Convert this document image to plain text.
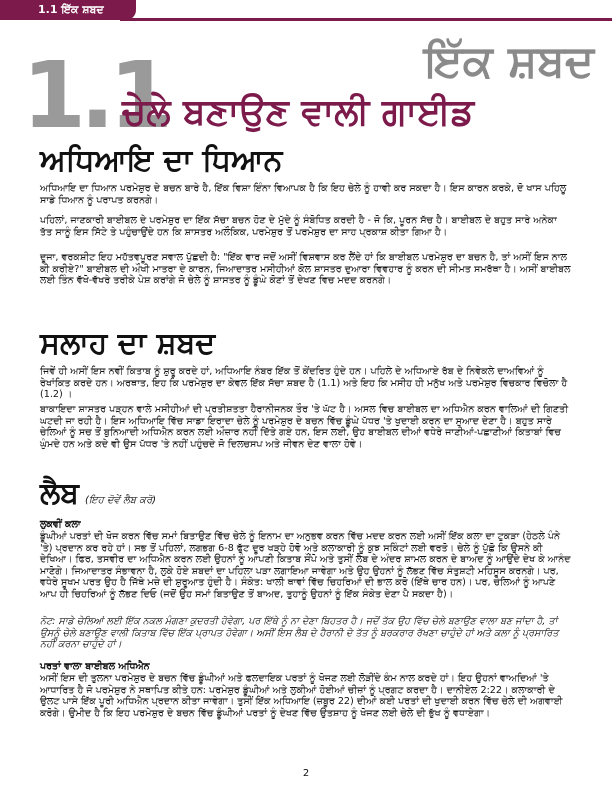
1.1 ਇੱਕ ਸ਼ਬਦ
1.1	ਇੱਕ ਸ਼ਬਦ
ਚੇਲੇ ਬਣਾਉਣ ਵਾਲੀ ਗਾਈਡ
ਅਧਿਆਇ ਦਾ ਧਿਆਨ

ਅਧਿਆਇ ਦਾ ਧਿਆਨ ਪਰਮੇਸ਼ੁਰ ਦੇ ਬਚਨ ਬਾਰੇ ਹੈ, ਇੱਕ ਵਿਸ਼ਾ ਇੰਨਾ ਵਿਆਪਕ ਹੈ ਕਿ ਇਹ ਚੇਲੇ ਨੂੰ ਹਾਵੀ ਕਰ ਸਕਦਾ ਹੈ। ਇਸ ਕਾਰਨ ਕਰਕੇ, ਦੋ ਖਾਸ ਪਹਿਲੂ ਸਾਡੇ ਧਿਆਨ ਨੂੰ ਪਰਾਪਤ ਕਰਨਗੇ।

ਪਹਿਲਾਂ, ਜਾਣਕਾਰੀ ਬਾਈਬਲ ਦੇ ਪਰਮੇਸ਼ੁਰ ਦਾ ਇੱਕ ਸੱਚਾ ਬਚਨ ਹੋਣ ਦੇ ਮੁੱਦੇ ਨੂੰ ਸੰਬੋਧਿਤ ਕਰਦੀ ਹੈ - ਜੋ ਕਿ, ਪੂਰਨ ਸੱਚ ਹੈ। ਬਾਈਬਲ ਦੇ ਬਹੁਤ ਸਾਰੇ ਅਨੇਕਾ ਤੱਤ ਸਾਨੂੰ ਇਸ ਸਿੱਟੇ ਤੇ ਪਹੁੰਚਾਉਂਦੇ ਹਨ ਕਿ ਸ਼ਾਸਤਰ ਅਲੌਕਿਕ, ਪਰਮੇਸ਼ੁਰ ਤੋਂ ਪਰਮੇਸ਼ੁਰ ਦਾ ਸਾਹ ਪ੍ਰਕਾਸ਼ ਕੀਤਾ ਗਿਆ ਹੈ।

ਦੂਜਾ, ਵਰਕਸ਼ੀਟ ਇਹ ਮਹੱਤਵਪੂਰਣ ਸਵਾਲ ਪੁੱਛਦੀ ਹੈ: "ਇੱਕ ਵਾਰ ਜਦੋਂ ਅਸੀਂ ਵਿਸ਼ਵਾਸ ਕਰ ਲੈਂਦੇ ਹਾਂ ਕਿ ਬਾਈਬਲ ਪਰਮੇਸ਼ੁਰ ਦਾ ਬਚਨ ਹੈ, ਤਾਂ ਅਸੀਂ ਇਸ ਨਾਲ ਕੀ ਕਰੀਏ?" ਬਾਈਬਲ ਦੀ ਔਖੀ ਮਾਤਰਾ ਦੇ ਕਾਰਨ, ਜਿਆਦਾਤਰ ਮਸੀਹੀਆਂ ਕੋਲ ਸ਼ਾਸਤਰ ਦੁਆਰਾ ਵਿਵਹਾਰ ਨੂੰ ਕਰਨ ਦੀ ਸੀਮਤ ਸਮਰੱਥਾ ਹੈ। ਅਸੀਂ ਬਾਈਬਲ ਲਈ ਤਿੰਨ ਵੱਖੋ-ਵੱਖਰੇ ਤਰੀਕੇ ਪੇਸ਼ ਕਰਾਂਗੇ ਜੋ ਚੇਲੇ ਨੂੰ ਸ਼ਾਸਤਰ ਨੂੰ ਡੂੰਘੇ ਕੋਣਾਂ ਤੋਂ ਦੇਖਣ ਵਿਚ ਮਦਦ ਕਰਨਗੇ।

ਸਲਾਹ ਦਾ ਸ਼ਬਦ

ਜਿਵੇਂ ਹੀ ਅਸੀਂ ਇਸ ਨਵੀਂ ਕਿਤਾਬ ਨੂੰ ਸ਼ੁਰੂ ਕਰਦੇ ਹਾਂ, ਅਧਿਆਇ ਨੰਬਰ ਇੱਕ ਤੋਂ ਕੇਂਦਰਿਤ ਹੁੰਦੇ ਹਨ। ਪਹਿਲੇ ਦੇ ਅਧਿਆਏ ਰੱਬ ਦੇ ਨਿਵੇਕਲੇ ਦਾਅਵਿਆਂ ਨੂੰ ਰੇਖਾਂਕਿਤ ਕਰਦੇ ਹਨ। ਅਰਥਾਤ, ਇਹ ਕਿ ਪਰਮੇਸ਼ੁਰ ਦਾ ਕੇਵਲ ਇੱਕ ਸੱਚਾ ਸ਼ਬਦ ਹੈ (1.1) ਅਤੇ ਇਹ ਕਿ ਮਸੀਹ ਹੀ ਮਨੁੱਖ ਅਤੇ ਪਰਮੇਸ਼ੁਰ ਵਿਚਕਾਰ ਵਿਚੋਲਾ ਹੈ (1.2) ।

ਬਾਕਾਇਦਾ ਸ਼ਾਸਤਰ ਪੜ੍ਹਨ ਵਾਲੇ ਮਸੀਹੀਆਂ ਦੀ ਪ੍ਰਤੀਸ਼ਤਤਾ ਹੈਰਾਨੀਜਨਕ ਤੌਰ 'ਤੇ ਘੱਟ ਹੈ। ਅਸਲ ਵਿਚ ਬਾਈਬਲ ਦਾ ਅਧਿਐਨ ਕਰਨ ਵਾਲਿਆਂ ਦੀ ਗਿਣਤੀ ਘਟਦੀ ਜਾ ਰਹੀ ਹੈ। ਇਸ ਅਧਿਆਇ ਵਿੱਚ ਸਾਡਾ ਇਰਾਦਾ ਚੇਲੇ ਨੂੰ ਪਰਮੇਸ਼ੁਰ ਦੇ ਬਚਨ ਵਿੱਚ ਡੂੰਘੇ ਪੱਧਰ 'ਤੇ ਖੁਦਾਈ ਕਰਨ ਦਾ ਸੁਆਦ ਦੇਣਾ ਹੈ। ਬਹੁਤ ਸਾਰੇ ਚੇਲਿਆਂ ਨੂੰ ਸਚ ਤੋਂ ਬੁਨਿਆਦੀ ਅਧਿਐਨ ਕਰਨ ਲਈ ਔਜ਼ਾਰ ਨਹੀਂ ਦਿੱਤੇ ਗਏ ਹਨ, ਇਸ ਲਈ, ਉਹ ਬਾਈਬਲ ਦੀਆਂ ਵਧੇਰੇ ਜਾਣੀਆਂ-ਪਛਾਣੀਆਂ ਕਿਤਾਬਾਂ ਵਿਚ ਘੁੰਮਦੇ ਹਨ ਅਤੇ ਕਦੇ ਵੀ ਉਸ ਪੱਧਰ 'ਤੇ ਨਹੀਂ ਪਹੁੰਚਦੇ ਜੋ ਦਿਲਚਸਪ ਅਤੇ ਜੀਵਨ ਦੇਣ ਵਾਲਾ ਹੋਵੇ।

ਲੈਬ (ਇਹ ਦੋਵੇਂ ਲੈਬ ਕਰੋ)
ਲੁਕਵੀਂ ਕਲਾ

ਡੂੰਘੀਆਂ ਪਰਤਾਂ ਦੀ ਖੋਜ ਕਰਨ ਵਿੱਚ ਸਮਾਂ ਬਿਤਾਉਣ ਵਿੱਚ ਚੇਲੇ ਨੂੰ ਇਨਾਮ ਦਾ ਅਨੁਭਵ ਕਰਨ ਵਿੱਚ ਮਦਦ ਕਰਨ ਲਈ ਅਸੀਂ ਇੱਕ ਕਲਾ ਦਾ ਟੁਕੜਾ (ਹੇਠਲੇ ਪੰਨੇ 'ਤੇ) ਪ੍ਰਦਾਨ ਕਰ ਰਹੇ ਹਾਂ। ਸਭ ਤੋਂ ਪਹਿਲਾਂ, ਲਗਭਗ 6-8 ਫੁੱਟ ਦੂਰ ਖੜ੍ਹੇ ਹੋਵੋ ਅਤੇ ਕਲਾਕਾਰੀ ਨੂੰ ਕੁਝ ਸਕਿੰਟਾਂ ਲਈ ਵਰਤੋ। ਚੇਲੇ ਨੂੰ ਪੁੱਛੋ ਕਿ ਉਸਨੇ ਕੀ ਦੇਖਿਆ। ਫਿਰ, ਤਸਵੀਰ ਦਾ ਅਧਿਐਨ ਕਰਨ ਲਈ ਉਹਨਾਂ ਨੂੰ ਆਪਣੀ ਕਿਤਾਬ ਸੌਂਪੋ ਅਤੇ ਤੁਸੀਂ ਲੈਬ ਦੇ ਅੰਦਰ ਸ਼ਾਮਲ ਕਰਨ ਦੇ ਬਾਅਦ ਨੂੰ ਆਉਂਦੇ ਦੇਖ ਕੇ ਆਨੰਦ ਮਾਣੋਗੇ। ਜਿਆਦਾਤਰ ਸੰਭਾਵਨਾ ਹੈ, ਲੁਕੇ ਹੋਏ ਸ਼ਬਦਾਂ ਦਾ ਪਹਿਲਾ ਪੜਾ ਲਗਾਇਆ ਜਾਵੇਗਾ ਅਤੇ ਉਹ ਉਹਨਾਂ ਨੂੰ ਲੱਭਣ ਵਿੱਚ ਸੰਤੁਸ਼ਟੀ ਮਹਿਸੂਸ ਕਰਨਗੇ। ਪਰ, ਵਧੇਰੇ ਸੂਖਮ ਪਰਤ ਉਹ ਹੈ ਜਿੱਥੇ ਮਜ਼ੇ ਦੀ ਸ਼ੁਰੂਆਤ ਹੁੰਦੀ ਹੈ। ਸੰਕੇਤ: ਖਾਲੀ ਥਾਵਾਂ ਵਿੱਚ ਚਿਹਰਿਆਂ ਦੀ ਭਾਲ ਕਰੋ (ਇੱਥੇ ਚਾਰ ਹਨ)। ਪਰ, ਚੇਲਿਆਂ ਨੂੰ ਆਪਣੇ ਆਪ ਹੀ ਚਿਹਰਿਆਂ ਨੂੰ ਲੱਭਣ ਦਿਓ (ਜਦੋਂ ਉਹ ਸਮਾਂ ਬਿਤਾਉਣ ਤੋਂ ਬਾਅਦ, ਤੁਹਾਨੂੰ ਉਹਨਾਂ ਨੂੰ ਇੱਕ ਸੰਕੇਤ ਦੇਣਾ ਪੈ ਸਕਦਾ ਹੈ)।

ਨੋਟ: ਸਾਡੇ ਚੇਲਿਆਂ ਲਈ ਇੱਕ ਨਕਲ ਮੰਗਣਾ ਕੁਦਰਤੀ ਹੋਵੇਗਾ, ਪਰ ਇੱਥੇ ਨੂੰ ਨਾ ਦੇਣਾ ਬਿਹਤਰ ਹੈ। ਜਦੋਂ ਤੱਕ ਉਹ ਵਿੱਚ ਚੇਲੇ ਬਣਾਉਣ ਵਾਲਾ ਬਣ ਜਾਂਦਾ ਹੈ, ਤਾਂ ਉਸਨੂੰ ਚੇਲੇ ਬਣਾਉਣ ਵਾਲੀ ਕਿਤਾਬ ਵਿੱਚ ਇੱਕ ਪ੍ਰਾਪਤ ਹੋਵੇਗਾ। ਅਸੀਂ ਇਸ ਲੈਬ ਦੇ ਹੈਰਾਨੀ ਦੇ ਤੱਤ ਨੂੰ ਬਰਕਰਾਰ ਰੱਖਣਾ ਚਾਹੁੰਦੇ ਹਾਂ ਅਤੇ ਕਲਾ ਨੂੰ ਪ੍ਰਸਾਰਿਤ ਨਹੀਂ ਕਰਨਾ ਚਾਹੁੰਦੇ ਹਾਂ।

ਪਰਤਾਂ ਵਾਲਾ ਬਾਈਬਲ ਅਧਿਐਨ

ਅਸੀਂ ਇਸ ਦੀ ਤੁਲਨਾ ਪਰਮੇਸ਼ੁਰ ਦੇ ਬਚਨ ਵਿੱਚ ਡੂੰਘੀਆਂ ਅਤੇ ਫਲਦਾਇਕ ਪਰਤਾਂ ਨੂੰ ਖੋਜਣ ਲਈ ਲੋੜੀਂਦੇ ਕੰਮ ਨਾਲ ਕਰਦੇ ਹਾਂ। ਇਹ ਉਹਨਾਂ ਵਾਅਦਿਆਂ 'ਤੇ ਆਧਾਰਿਤ ਹੈ ਜੋ ਪਰਮੇਸ਼ੁਰ ਨੇ ਸਥਾਪਿਤ ਕੀਤੇ ਹਨ: ਪਰਮੇਸ਼ੁਰ ਡੂੰਘੀਆਂ ਅਤੇ ਲੁਕੀਆਂ ਹੋਈਆਂ ਚੀਜ਼ਾਂ ਨੂੰ ਪ੍ਰਗਟ ਕਰਦਾ ਹੈ। ਦਾਨੀਏਲ 2:22। ਕਲਾਕਾਰੀ ਦੇ ਉਲਟ ਪਾਸੇ ਇੱਕ ਪੂਰੀ ਅਧਿਐਨ ਪ੍ਰਦਾਨ ਕੀਤਾ ਜਾਵੇਗਾ। ਤੁਸੀਂ ਇੱਕ ਅਧਿਆਇ (ਜ਼ਬੂਰ 22) ਦੀਆਂ ਕਈ ਪਰਤਾਂ ਦੀ ਖੁਦਾਈ ਕਰਨ ਵਿੱਚ ਚੇਲੇ ਦੀ ਅਗਵਾਈ ਕਰੋਗੇ। ਉਮੀਦ ਹੈ ਕਿ ਇਹ ਪਰਮੇਸ਼ੁਰ ਦੇ ਬਚਨ ਵਿੱਚ ਡੂੰਘੀਆਂ ਪਰਤਾਂ ਨੂੰ ਦੇਖਣ ਵਿੱਚ ਉਤਸ਼ਾਹ ਨੂੰ ਖੋਜਣ ਲਈ ਚੇਲੇ ਦੀ ਭੁੱਖ ਨੂੰ ਵਧਾਏਗਾ।

2
